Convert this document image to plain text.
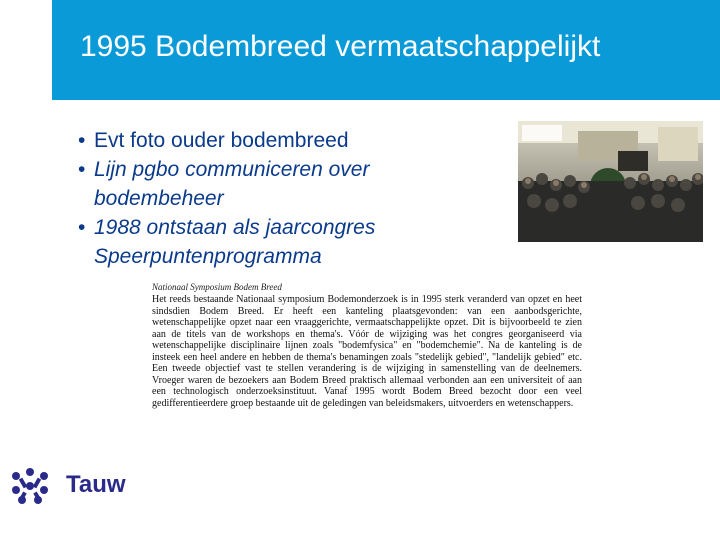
1995 Bodembreed vermaatschappelijkt
• Evt foto ouder bodembreed
• Lijn pgbo communiceren over
bodembeheer
• 1988 ontstaan als jaarcongres
Speerpuntenprogramma
Nationaal Symposium Bodem Breed
Het reeds bestaande Nationaal symposium Bodemonderzoek is in 1995 sterk veranderd van opzet en heet sindsdien Bodem Breed. Er heeft een kanteling plaatsgevonden: van een aanbodsgerichte, wetenschappelijke opzet naar een vraaggerichte, vermaatschappelijkte opzet. Dit is bijvoorbeeld te zien aan de titels van de workshops en thema's. Vóór de wijziging was het congres georganiseerd via wetenschappelijke disciplinaire lijnen zoals "bodemfysica" en "bodemchemie". Na de kanteling is de insteek een heel andere en hebben de thema's benamingen zoals "stedelijk gebied", "landelijk gebied" etc. Een tweede objectief vast te stellen verandering is de wijziging in samenstelling van de deelnemers. Vroeger waren de bezoekers aan Bodem Breed praktisch allemaal verbonden aan een universiteit of aan een technologisch onderzoeksinstituut. Vanaf 1995 wordt Bodem Breed bezocht door een veel gedifferentieerdere groep bestaande uit de geledingen van beleidsmakers, uitvoerders en wetenschappers.
Tauw
